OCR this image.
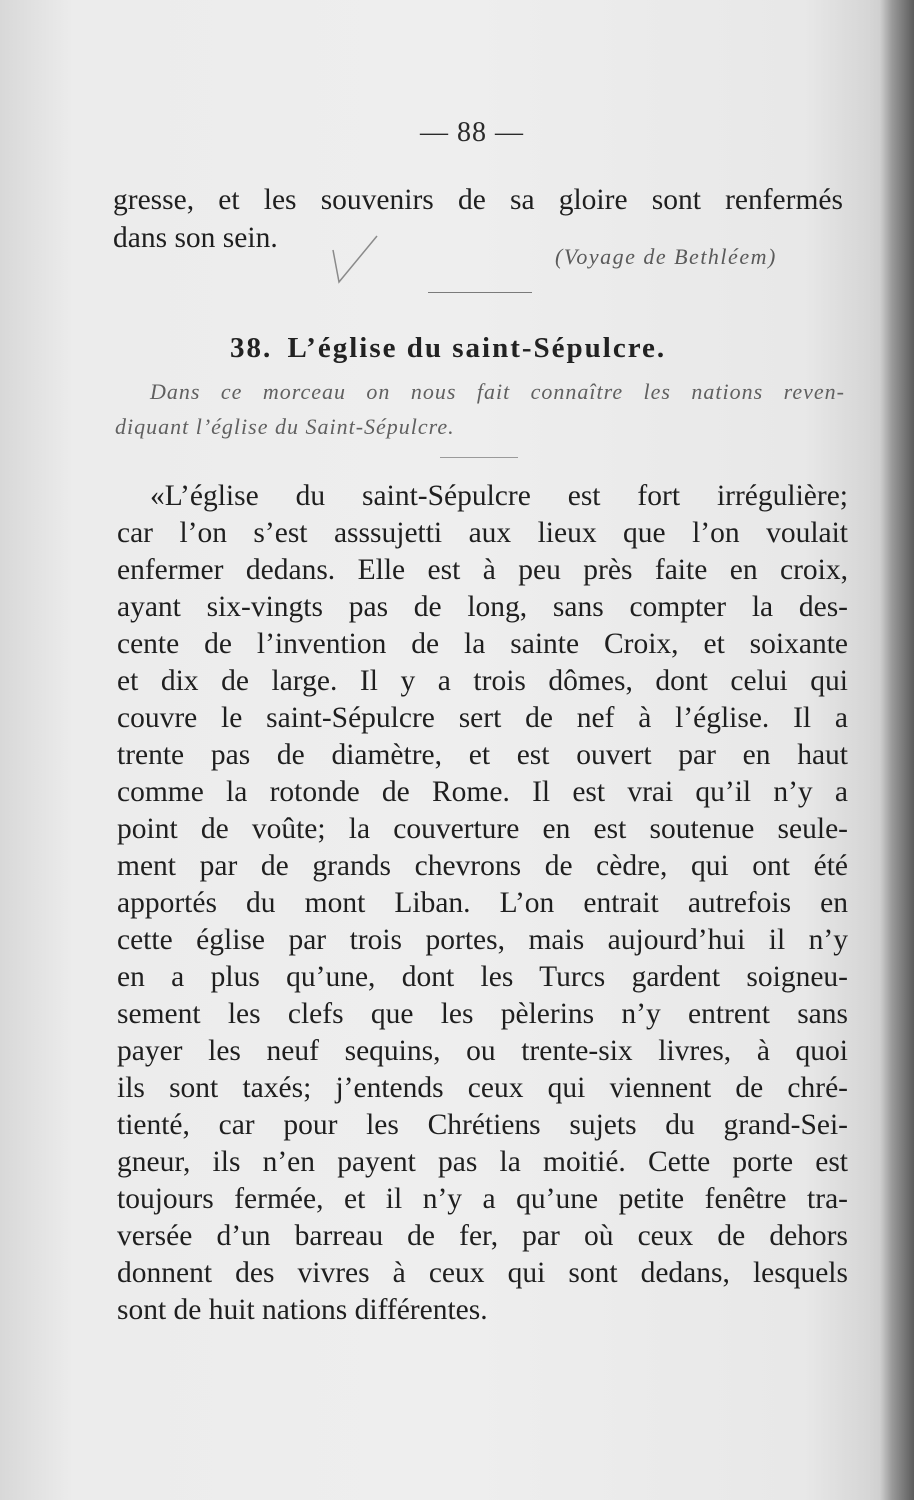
— 88 —
gresse, et les souvenirs de sa gloire sont renfermés
dans son sein.
(Voyage de Bethléem)
38. L’église du saint-Sépulcre.
Dans ce morceau on nous fait connaître les nations reven-
diquant l’église du Saint-Sépulcre.
«L’église du saint-Sépulcre est fort irrégulière;
car l’on s’est asssujetti aux lieux que l’on voulait
enfermer dedans. Elle est à peu près faite en croix,
ayant six-vingts pas de long, sans compter la des-
cente de l’invention de la sainte Croix, et soixante
et dix de large. Il y a trois dômes, dont celui qui
couvre le saint-Sépulcre sert de nef à l’église. Il a
trente pas de diamètre, et est ouvert par en haut
comme la rotonde de Rome. Il est vrai qu’il n’y a
point de voûte; la couverture en est soutenue seule-
ment par de grands chevrons de cèdre, qui ont été
apportés du mont Liban. L’on entrait autrefois en
cette église par trois portes, mais aujourd’hui il n’y
en a plus qu’une, dont les Turcs gardent soigneu-
sement les clefs que les pèlerins n’y entrent sans
payer les neuf sequins, ou trente-six livres, à quoi
ils sont taxés; j’entends ceux qui viennent de chré-
tienté, car pour les Chrétiens sujets du grand-Sei-
gneur, ils n’en payent pas la moitié. Cette porte est
toujours fermée, et il n’y a qu’une petite fenêtre tra-
versée d’un barreau de fer, par où ceux de dehors
donnent des vivres à ceux qui sont dedans, lesquels
sont de huit nations différentes.
